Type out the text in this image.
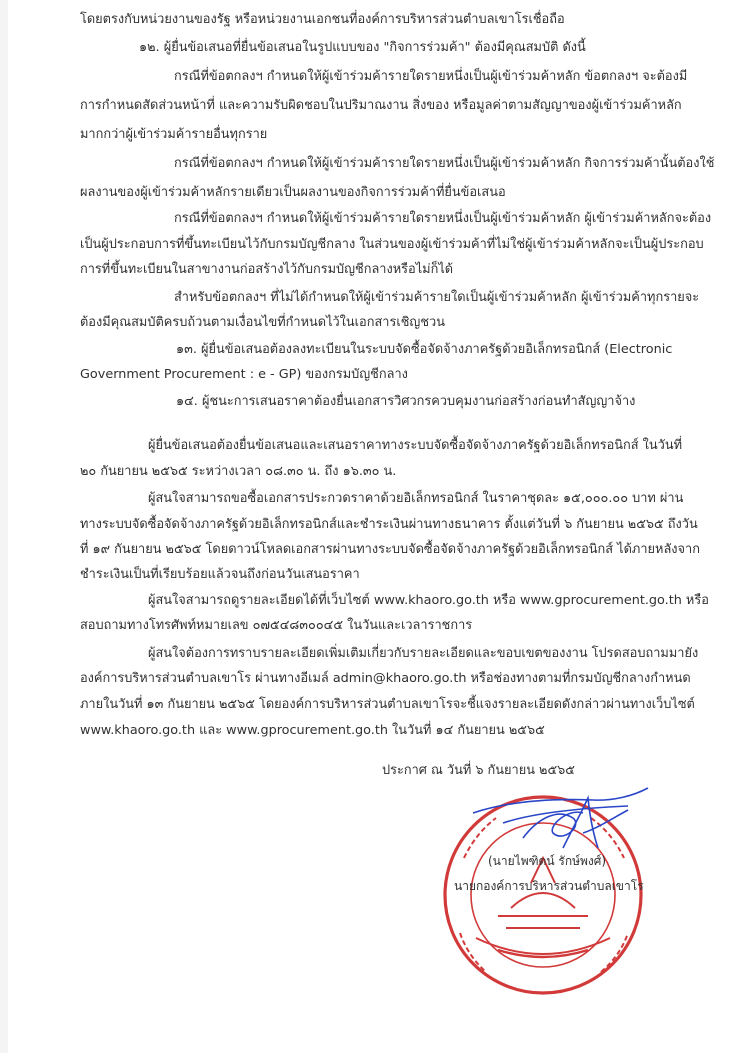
โดยตรงกับหน่วยงานของรัฐ หรือหน่วยงานเอกชนที่องค์การบริหารส่วนตำบลเขาโรเชื่อถือ
๑๒. ผู้ยื่นข้อเสนอที่ยื่นข้อเสนอในรูปแบบของ "กิจการร่วมค้า" ต้องมีคุณสมบัติ ดังนี้
กรณีที่ข้อตกลงฯ กำหนดให้ผู้เข้าร่วมค้ารายใดรายหนึ่งเป็นผู้เข้าร่วมค้าหลัก ข้อตกลงฯ จะต้องมี
การกำหนดสัดส่วนหน้าที่ และความรับผิดชอบในปริมาณงาน สิ่งของ หรือมูลค่าตามสัญญาของผู้เข้าร่วมค้าหลัก
มากกว่าผู้เข้าร่วมค้ารายอื่นทุกราย
กรณีที่ข้อตกลงฯ กำหนดให้ผู้เข้าร่วมค้ารายใดรายหนึ่งเป็นผู้เข้าร่วมค้าหลัก กิจการร่วมค้านั้นต้องใช้
ผลงานของผู้เข้าร่วมค้าหลักรายเดียวเป็นผลงานของกิจการร่วมค้าที่ยื่นข้อเสนอ
กรณีที่ข้อตกลงฯ กำหนดให้ผู้เข้าร่วมค้ารายใดรายหนึ่งเป็นผู้เข้าร่วมค้าหลัก ผู้เข้าร่วมค้าหลักจะต้อง
เป็นผู้ประกอบการที่ขึ้นทะเบียนไว้กับกรมบัญชีกลาง ในส่วนของผู้เข้าร่วมค้าที่ไม่ใช่ผู้เข้าร่วมค้าหลักจะเป็นผู้ประกอบ
การที่ขึ้นทะเบียนในสาขางานก่อสร้างไว้กับกรมบัญชีกลางหรือไม่ก็ได้
สำหรับข้อตกลงฯ ที่ไม่ได้กำหนดให้ผู้เข้าร่วมค้ารายใดเป็นผู้เข้าร่วมค้าหลัก ผู้เข้าร่วมค้าทุกรายจะ
ต้องมีคุณสมบัติครบถ้วนตามเงื่อนไขที่กำหนดไว้ในเอกสารเชิญชวน
๑๓. ผู้ยื่นข้อเสนอต้องลงทะเบียนในระบบจัดซื้อจัดจ้างภาครัฐด้วยอิเล็กทรอนิกส์ (Electronic
Government Procurement : e - GP) ของกรมบัญชีกลาง
๑๔. ผู้ชนะการเสนอราคาต้องยื่นเอกสารวิศวกรควบคุมงานก่อสร้างก่อนทำสัญญาจ้าง
ผู้ยื่นข้อเสนอต้องยื่นข้อเสนอและเสนอราคาทางระบบจัดซื้อจัดจ้างภาครัฐด้วยอิเล็กทรอนิกส์ ในวันที่
๒๐ กันยายน ๒๕๖๕ ระหว่างเวลา ๐๘.๓๐ น. ถึง ๑๖.๓๐ น.
ผู้สนใจสามารถขอซื้อเอกสารประกวดราคาด้วยอิเล็กทรอนิกส์ ในราคาชุดละ ๑๕,๐๐๐.๐๐ บาท ผ่าน
ทางระบบจัดซื้อจัดจ้างภาครัฐด้วยอิเล็กทรอนิกส์และชำระเงินผ่านทางธนาคาร ตั้งแต่วันที่ ๖ กันยายน ๒๕๖๕ ถึงวัน
ที่ ๑๙ กันยายน ๒๕๖๕ โดยดาวน์โหลดเอกสารผ่านทางระบบจัดซื้อจัดจ้างภาครัฐด้วยอิเล็กทรอนิกส์ ได้ภายหลังจาก
ชำระเงินเป็นที่เรียบร้อยแล้วจนถึงก่อนวันเสนอราคา
ผู้สนใจสามารถดูรายละเอียดได้ที่เว็บไซต์ www.khaoro.go.th หรือ www.gprocurement.go.th หรือ
สอบถามทางโทรศัพท์หมายเลข ๐๗๕๔๘๓๐๐๔๕ ในวันและเวลาราชการ
ผู้สนใจต้องการทราบรายละเอียดเพิ่มเติมเกี่ยวกับรายละเอียดและขอบเขตของงาน โปรดสอบถามมายัง
องค์การบริหารส่วนตำบลเขาโร ผ่านทางอีเมล์ admin@khaoro.go.th หรือช่องทางตามที่กรมบัญชีกลางกำหนด
ภายในวันที่ ๑๓ กันยายน ๒๕๖๕ โดยองค์การบริหารส่วนตำบลเขาโรจะชี้แจงรายละเอียดดังกล่าวผ่านทางเว็บไซต์
www.khaoro.go.th และ www.gprocurement.go.th ในวันที่ ๑๔ กันยายน ๒๕๖๕
ประกาศ ณ วันที่ ๖ กันยายน ๒๕๖๕
(นายไพฑิตน์ รักษ์พงศ์)
นายกองค์การบริหารส่วนตำบลเขาโร
